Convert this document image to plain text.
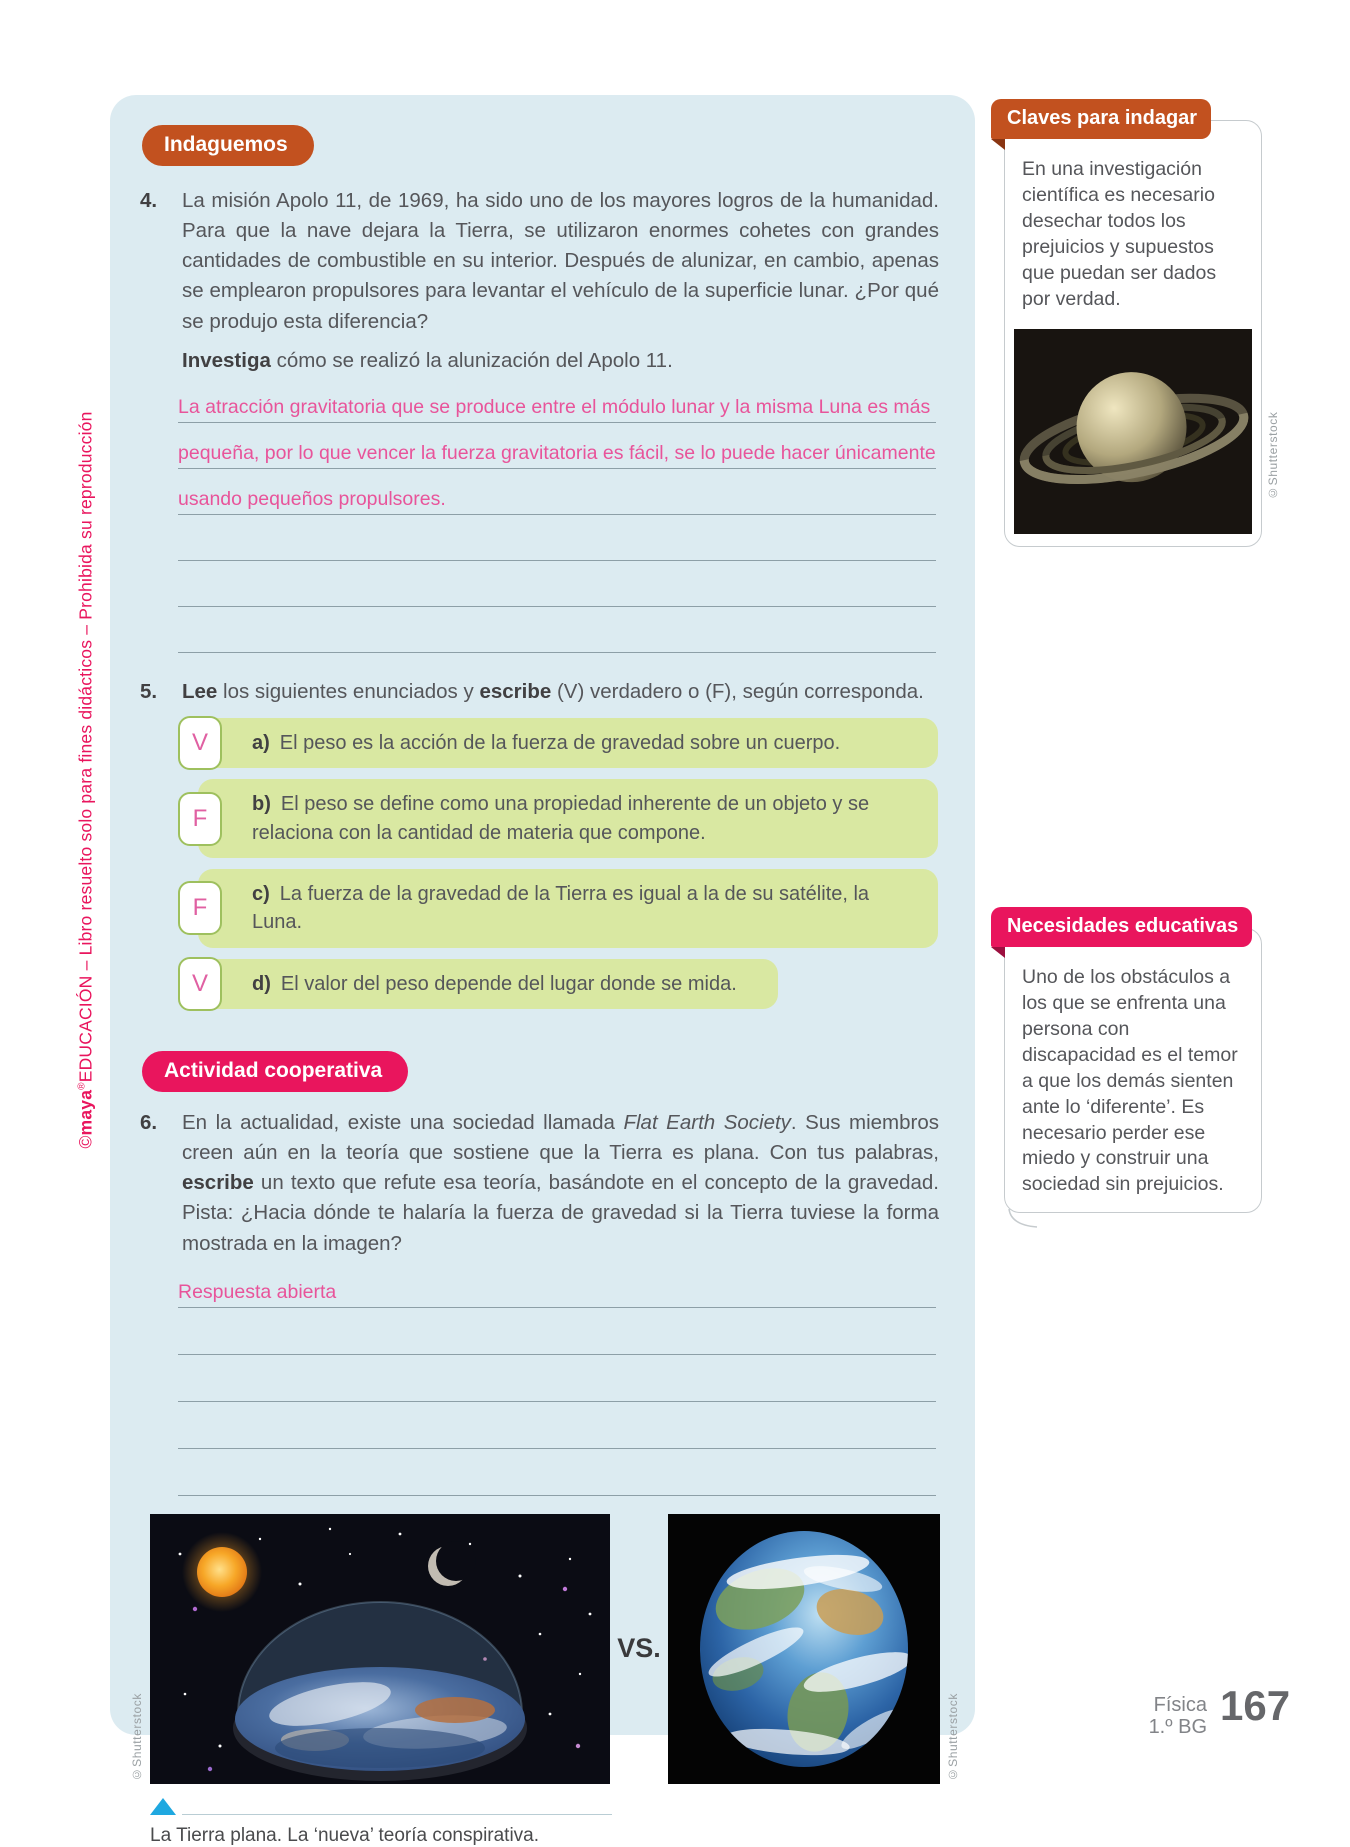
©maya®EDUCACIÓN – Libro resuelto solo para fines didácticos – Prohibida su reproducción
Indaguemos
4.	La misión Apolo 11, de 1969, ha sido uno de los mayores logros de la humanidad. Para que la nave dejara la Tierra, se utilizaron enormes cohetes con grandes cantidades de combustible en su interior. Después de alunizar, en cambio, apenas se emplearon propulsores para levantar el vehículo de la superficie lunar. ¿Por qué se produjo esta diferencia?
Investiga cómo se realizó la alunización del Apolo 11.
La atracción gravitatoria que se produce entre el módulo lunar y la misma Luna es más
pequeña, por lo que vencer la fuerza gravitatoria es fácil, se lo puede hacer únicamente
usando pequeños propulsores.
5.	Lee los siguientes enunciados y escribe (V) verdadero o (F), según corresponda.
a) El peso es la acción de la fuerza de gravedad sobre un cuerpo.
V
b) El peso se define como una propiedad inherente de un objeto y se relaciona con la cantidad de materia que compone.
F
c) La fuerza de la gravedad de la Tierra es igual a la de su satélite, la Luna.
F
d) El valor del peso depende del lugar donde se mida.
V

Actividad cooperativa
6.	En la actualidad, existe una sociedad llamada Flat Earth Society. Sus miembros creen aún en la teoría que sostiene que la Tierra es plana. Con tus palabras, escribe un texto que refute esa teoría, basándote en el concepto de la gravedad. Pista: ¿Hacia dónde te halaría la fuerza de gravedad si la Tierra tuviese la forma mostrada en la imagen?
Respuesta abierta
©Shutterstock
VS.
©Shutterstock
La Tierra plana. La ‘nueva’ teoría conspirativa.
Claves para indagar
En una investigación científica es necesario desechar todos los prejuicios y supuestos que puedan ser dados por verdad.
©Shutterstock
Necesidades educativas
Uno de los obstáculos a los que se enfrenta una persona con discapacidad es el temor a que los demás sienten ante lo ‘diferente’. Es necesario perder ese miedo y construir una sociedad sin prejuicios.
Física
1.º BG 167
